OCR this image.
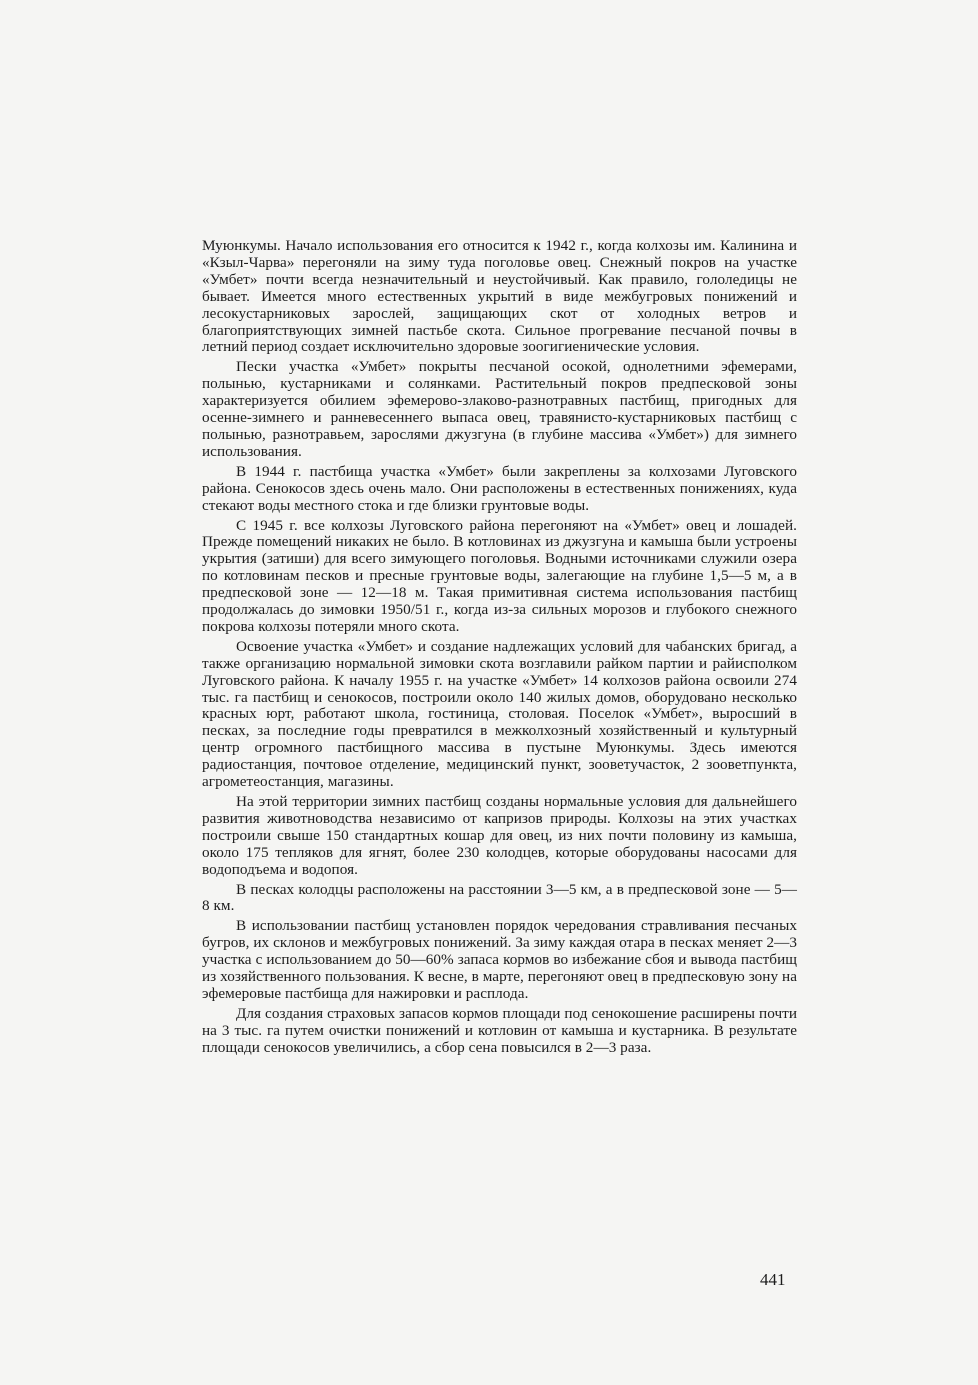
Муюнкумы. Начало использования его относится к 1942 г., когда колхозы им. Калинина и «Кзыл-Чарва» перегоняли на зиму туда поголовье овец. Снежный покров на участке «Умбет» почти всегда незначительный и неустойчивый. Как правило, гололедицы не бывает. Имеется много естественных укрытий в виде межбугровых понижений и лесокустарниковых зарослей, защищающих скот от холодных ветров и благоприятствующих зимней пастьбе скота. Сильное прогревание песчаной почвы в летний период создает исключительно здоровые зоогигиенические условия.

Пески участка «Умбет» покрыты песчаной осокой, однолетними эфемерами, полынью, кустарниками и солянками. Растительный покров предпесковой зоны характеризуется обилием эфемерово-злаково-разнотравных пастбищ, пригодных для осенне-зимнего и ранневесеннего выпаса овец, травянисто-кустарниковых пастбищ с полынью, разнотравьем, зарослями джузгуна (в глубине массива «Умбет») для зимнего использования.

В 1944 г. пастбища участка «Умбет» были закреплены за колхозами Луговского района. Сенокосов здесь очень мало. Они расположены в естественных понижениях, куда стекают воды местного стока и где близки грунтовые воды.

С 1945 г. все колхозы Луговского района перегоняют на «Умбет» овец и лошадей. Прежде помещений никаких не было. В котловинах из джузгуна и камыша были устроены укрытия (затиши) для всего зимующего поголовья. Водными источниками служили озера по котловинам песков и пресные грунтовые воды, залегающие на глубине 1,5—5 м, а в предпесковой зоне — 12—18 м. Такая примитивная система использования пастбищ продолжалась до зимовки 1950/51 г., когда из-за сильных морозов и глубокого снежного покрова колхозы потеряли много скота.

Освоение участка «Умбет» и создание надлежащих условий для чабанских бригад, а также организацию нормальной зимовки скота возглавили райком партии и райисполком Луговского района. К началу 1955 г. на участке «Умбет» 14 колхозов района освоили 274 тыс. га пастбищ и сенокосов, построили около 140 жилых домов, оборудовано несколько красных юрт, работают школа, гостиница, столовая. Поселок «Умбет», выросший в песках, за последние годы превратился в межколхозный хозяйственный и культурный центр огромного пастбищного массива в пустыне Муюнкумы. Здесь имеются радиостанция, почтовое отделение, медицинский пункт, зооветучасток, 2 зооветпункта, агрометеостанция, магазины.

На этой территории зимних пастбищ созданы нормальные условия для дальнейшего развития животноводства независимо от капризов природы. Колхозы на этих участках построили свыше 150 стандартных кошар для овец, из них почти половину из камыша, около 175 тепляков для ягнят, более 230 колодцев, которые оборудованы насосами для водоподъема и водопоя.

В песках колодцы расположены на расстоянии 3—5 км, а в предпесковой зоне — 5—8 км.

В использовании пастбищ установлен порядок чередования стравливания песчаных бугров, их склонов и межбугровых понижений. За зиму каждая отара в песках меняет 2—3 участка с использованием до 50—60% запаса кормов во избежание сбоя и вывода пастбищ из хозяйственного пользования. К весне, в марте, перегоняют овец в предпесковую зону на эфемеровые пастбища для нажировки и расплода.

Для создания страховых запасов кормов площади под сенокошение расширены почти на 3 тыс. га путем очистки понижений и котловин от камыша и кустарника. В результате площади сенокосов увеличились, а сбор сена повысился в 2—3 раза.

441
